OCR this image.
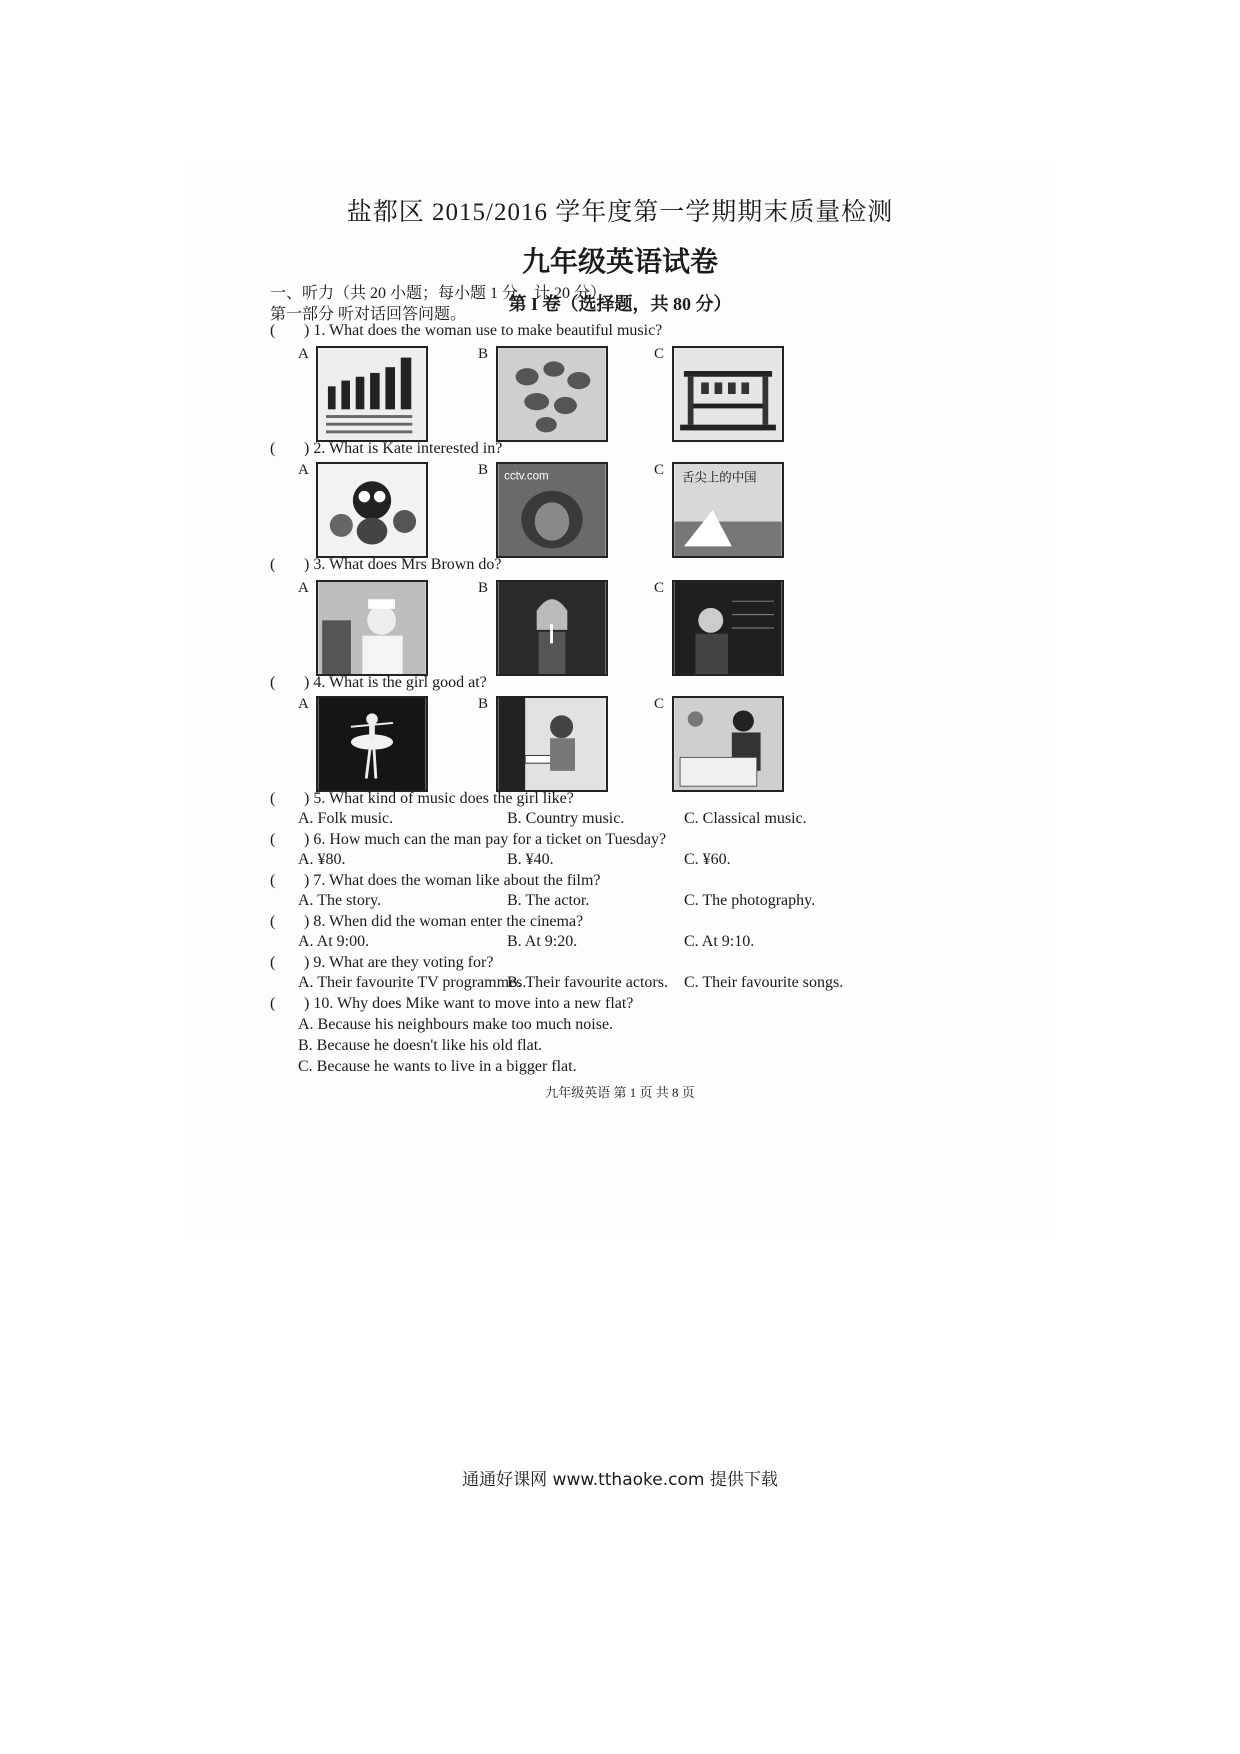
盐都区 2015/2016 学年度第一学期期末质量检测
九年级英语试卷
第 I 卷（选择题，共 80 分）
一、听力（共 20 小题；每小题 1 分，计 20 分）
第一部分 听对话回答问题。
( ) 1. What does the woman use to make beautiful music?
A	B	C
( ) 2. What is Kate interested in?
A	B	C
cctv.com	舌尖上的中国
( ) 3. What does Mrs Brown do?
A	B	C
( ) 4. What is the girl good at?
A	B	C
( ) 5. What kind of music does the girl like?
A. Folk music.	B. Country music.	C. Classical music.
( ) 6. How much can the man pay for a ticket on Tuesday?
A. ¥80.	B. ¥40.	C. ¥60.
( ) 7. What does the woman like about the film?
A. The story.	B. The actor.	C. The photography.
( ) 8. When did the woman enter the cinema?
A. At 9:00.	B. At 9:20.	C. At 9:10.
( ) 9. What are they voting for?
A. Their favourite TV programmes.
B. Their favourite actors. C. Their favourite songs.
( ) 10. Why does Mike want to move into a new flat?
A. Because his neighbours make too much noise.
B. Because he doesn't like his old flat.
C. Because he wants to live in a bigger flat.
九年级英语 第 1 页 共 8 页
通通好课网 www.tthaoke.com 提供下载
